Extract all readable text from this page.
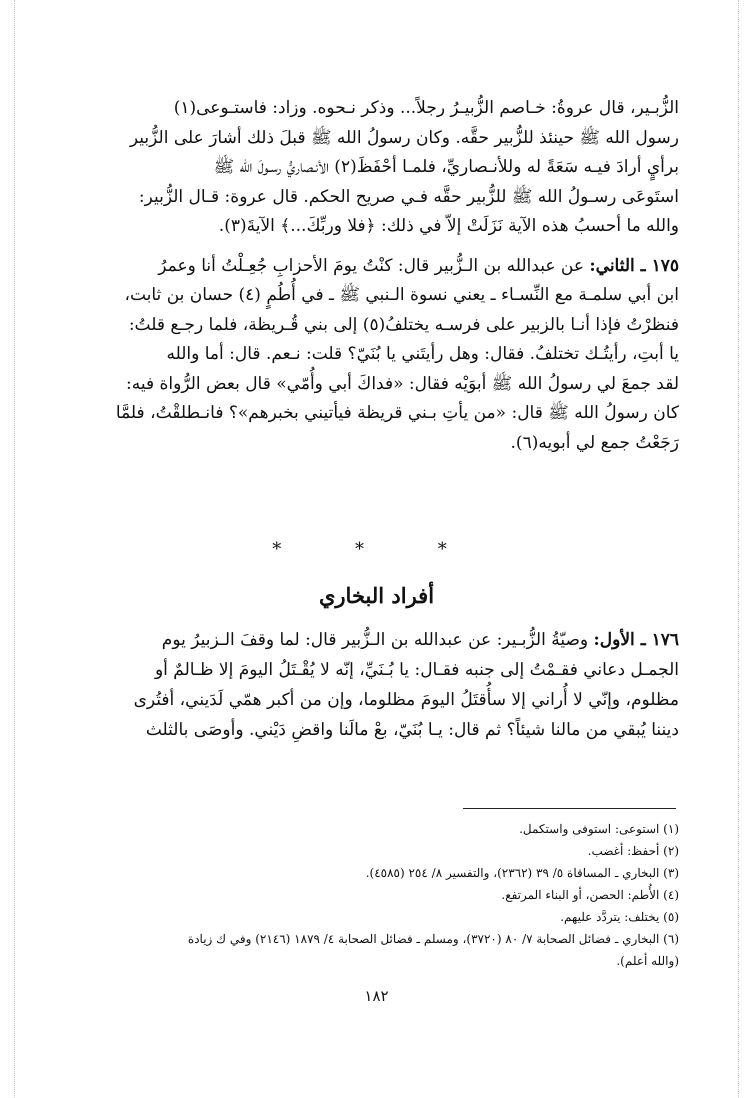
الزُّبـير، قال عروةُ: خـاصم الزُّبيـرُ رجلاً... وذكر نـحوه. وزاد: فاستـوعى(١)

رسول الله ﷺ حينئذ للزُّبير حقَّه. وكان رسولُ الله ﷺ قبلَ ذلك أشارَ على الزُّبير

برأيٍ أرادَ فيـه سَعَةً له وللأنـصاريِّ، فلمـا أحْفَظَ(٢) الأنـصاريُّ رسـولَ الله ﷺ

استَوعَى رسـولُ الله ﷺ للزُّبير حقَّه فـي صريح الحكم. قال عروة: قـال الزُّبير:

والله ما أحسبُ هذه الآية نَزَلَتْ إلاّ في ذلك: ﴿فلا وربِّكَ...﴾ الآيةَ(٣).

١٧٥ ـ الثاني: عن عبدالله بن الـزُّبير قال: كنْتُ يومَ الأحزابِ جُعِـلْتُ أنا وعمرُ

ابن أبي سلمـة مع النِّسـاء ـ يعني نسوة الـنبي ﷺ ـ في أُطُمٍ (٤) حسان بن ثابت،

فنظرْتُ فإذا أنـا بالزبير على فرسـه يختلفُ(٥) إلى بني قُـريظة، فلما رجـع قلتُ:

يا أبتِ، رأيتُـك تختلفُ. فقال: وهل رأيتَني يا بُنَيّ؟ قلت: نـعم. قال: أما والله

لقد جمعَ لي رسولُ الله ﷺ أبوَيْه فقال: «فداكَ أبي وأُمّي» قال بعض الرُّواة فيه:

كان رسولُ الله ﷺ قال: «من يأتِ بـني قريظة فيأتيني بخبرهم»؟ فانـطلقْتُ، فلمَّا

رَجَعْتُ جمع لي أبويه(٦).

* * *
أفراد البخاري

١٧٦ ـ الأول: وصيّةُ الزُّبـير: عن عبدالله بن الـزُّبير قال: لما وقفَ الـزبيرُ يوم

الجمـل دعاني فقـمْتُ إلى جنبه فقـال: يا بُـنَيِّ، إنّه لا يُقْـتَلُ اليومَ إلا ظـالمٌ أو

مظلوم، وإنّي لا أُراني إلا سأُقتَلُ اليومَ مظلوما، وإن من أكبر همّي لَدَيني، أفتُرى

ديننا يُبقي من مالنا شيئاً؟ ثم قال: يـا بُنَيّ، بعْ مالَنا واقضِ دَيْني. وأوصَى بالثلث

(١) استوعى: استوفى واستكمل.
(٢) أحفظ: أغضب.
(٣) البخاري ـ المساقاة ٥/ ٣٩ (٢٣٦٢)، والتفسير ٨/ ٢٥٤ (٤٥٨٥).
(٤) الأُطم: الحصن، أو البناء المرتفع.
(٥) يختلف: يتردَّد عليهم.
(٦) البخاري ـ فضائل الصحابة ٧/ ٨٠ (٣٧٢٠)، ومسلم ـ فضائل الصحابة ٤/ ١٨٧٩ (٢١٤٦) وفي ك زيادة
(والله أعلم).
١٨٢
